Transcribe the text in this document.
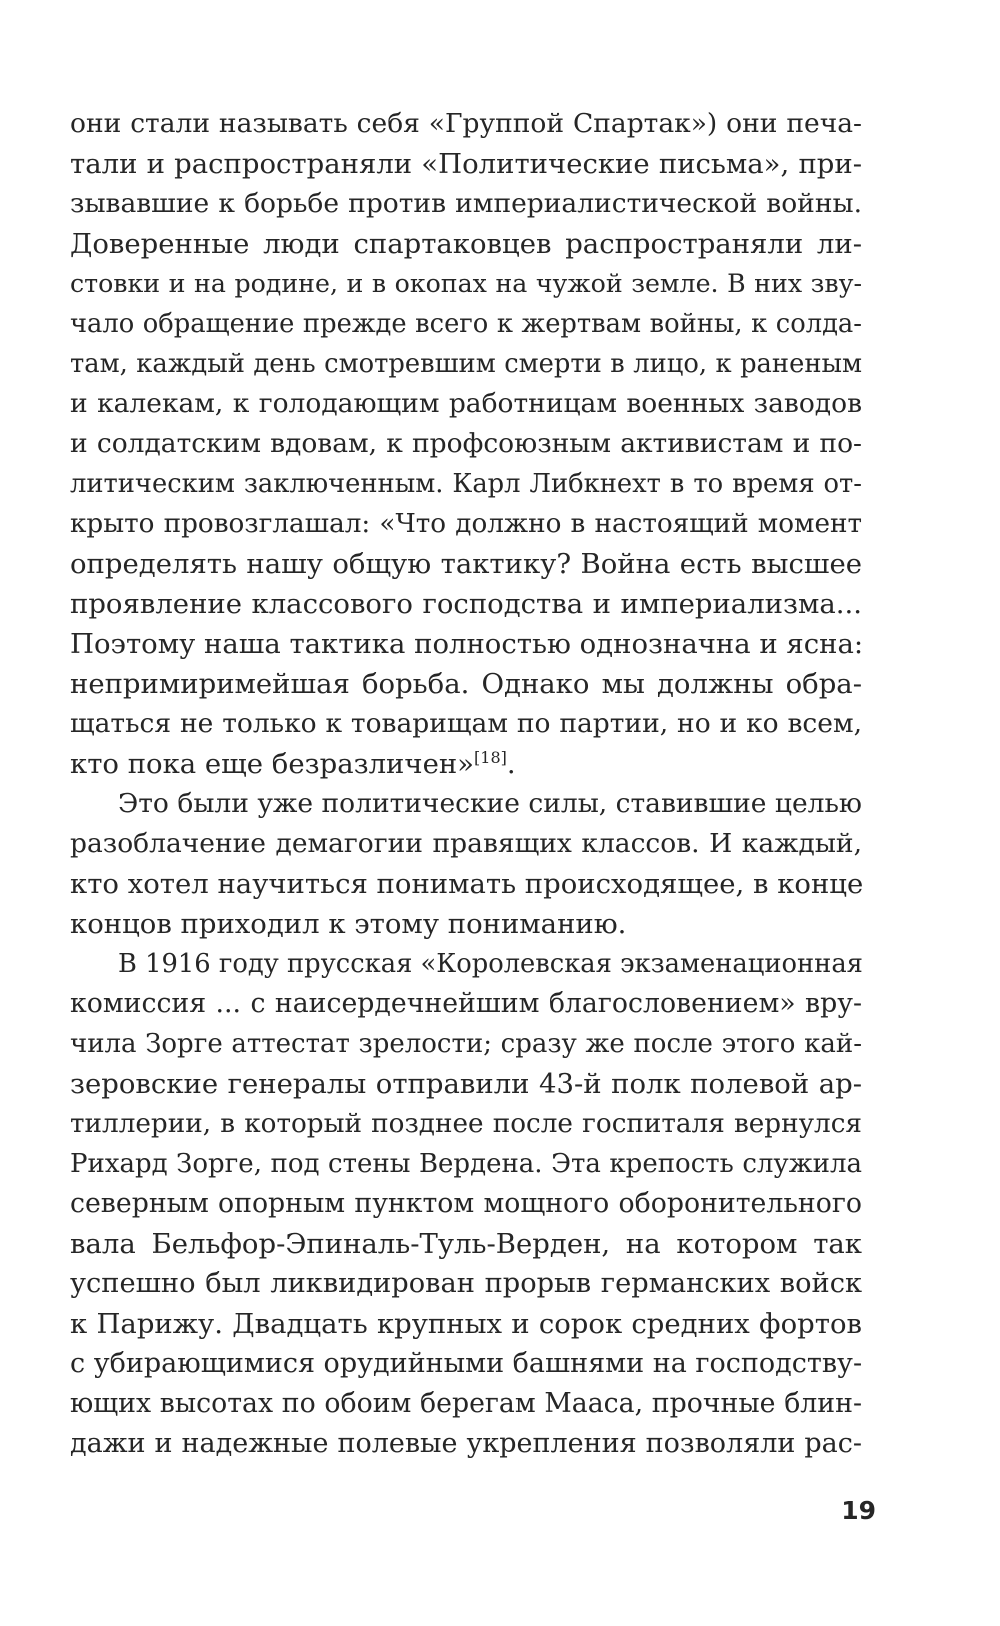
они стали называть себя «Группой Спартак») они печа-
тали и распространяли «Политические письма», при-
зывавшие к борьбе против империалистической войны.
Доверенные люди спартаковцев распространяли ли-
стовки и на родине, и в окопах на чужой земле. В них зву-
чало обращение прежде всего к жертвам войны, к солда-
там, каждый день смотревшим смерти в лицо, к раненым
и калекам, к голодающим работницам военных заводов
и солдатским вдовам, к профсоюзным активистам и по-
литическим заключенным. Карл Либкнехт в то время от-
крыто провозглашал: «Что должно в настоящий момент
определять нашу общую тактику? Война есть высшее
проявление классового господства и империализма...
Поэтому наша тактика полностью однозначна и ясна:
непримиримейшая борьба. Однако мы должны обра-
щаться не только к товарищам по партии, но и ко всем,
кто пока еще безразличен»[18].
Это были уже политические силы, ставившие целью
разоблачение демагогии правящих классов. И каждый,
кто хотел научиться понимать происходящее, в конце
концов приходил к этому пониманию.
В 1916 году прусская «Королевская экзаменационная
комиссия ... с наисердечнейшим благословением» вру-
чила Зорге аттестат зрелости; сразу же после этого кай-
зеровские генералы отправили 43-й полк полевой ар-
тиллерии, в который позднее после госпиталя вернулся
Рихард Зорге, под стены Вердена. Эта крепость служила
северным опорным пунктом мощного оборонительного
вала Бельфор-Эпиналь-Туль-Верден, на котором так
успешно был ликвидирован прорыв германских войск
к Парижу. Двадцать крупных и сорок средних фортов
с убирающимися орудийными башнями на господству-
ющих высотах по обоим берегам Мааса, прочные блин-
дажи и надежные полевые укрепления позволяли рас-
19
